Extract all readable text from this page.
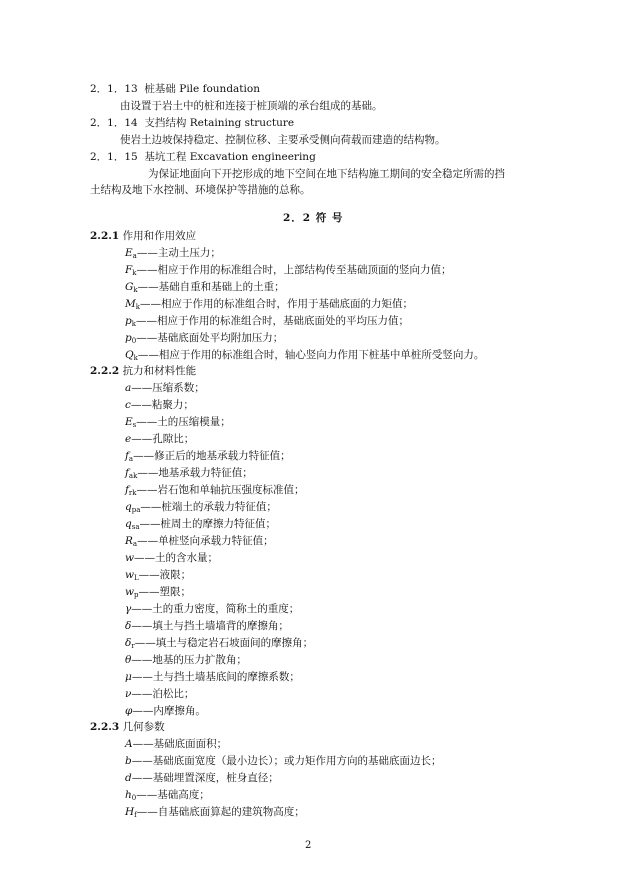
2．1．13 桩基础 Pile foundation
由设置于岩土中的桩和连接于桩顶端的承台组成的基础。
2．1．14 支挡结构 Retaining structure
使岩土边坡保持稳定、控制位移、主要承受侧向荷载而建造的结构物。
2．1．15 基坑工程 Excavation engineering
为保证地面向下开挖形成的地下空间在地下结构施工期间的安全稳定所需的挡
土结构及地下水控制、环境保护等措施的总称。
2．2 符 号
2.2.1 作用和作用效应
$E_a——$主动土压力；
$F_k——$相应于作用的标准组合时，上部结构传至基础顶面的竖向力值；
$G_k——$基础自重和基础上的土重；
$M_k——$相应于作用的标准组合时，作用于基础底面的力矩值；
$p_k——$相应于作用的标准组合时，基础底面处的平均压力值；
$p_0——$基础底面处平均附加压力；
$Q_k——$相应于作用的标准组合时，轴心竖向力作用下桩基中单桩所受竖向力。
2.2.2 抗力和材料性能
a——压缩系数；
c——粘聚力；
$E_s——$土的压缩模量；
e——孔隙比；
$f_a——$修正后的地基承载力特征值；
$f_{ak}——$地基承载力特征值；
$f_{rk}——$岩石饱和单轴抗压强度标准值；
$q_{pa}——$桩端土的承载力特征值；
$q_{sa}——$桩周土的摩擦力特征值；
$R_a——$单桩竖向承载力特征值；
w——土的含水量；
$w_L——$液限；
$w_p——$塑限；
γ——土的重力密度，简称土的重度；
δ——填土与挡土墙墙背的摩擦角；
$\delta_r——$填土与稳定岩石坡面间的摩擦角；
θ——地基的压力扩散角；
μ——土与挡土墙基底间的摩擦系数；
ν——泊松比；
φ——内摩擦角。
2.2.3 几何参数
A——基础底面面积；
b——基础底面宽度（最小边长）；或力矩作用方向的基础底面边长；
d——基础埋置深度，桩身直径；
$h_0——$基础高度；
$H_f——$自基础底面算起的建筑物高度；
2
